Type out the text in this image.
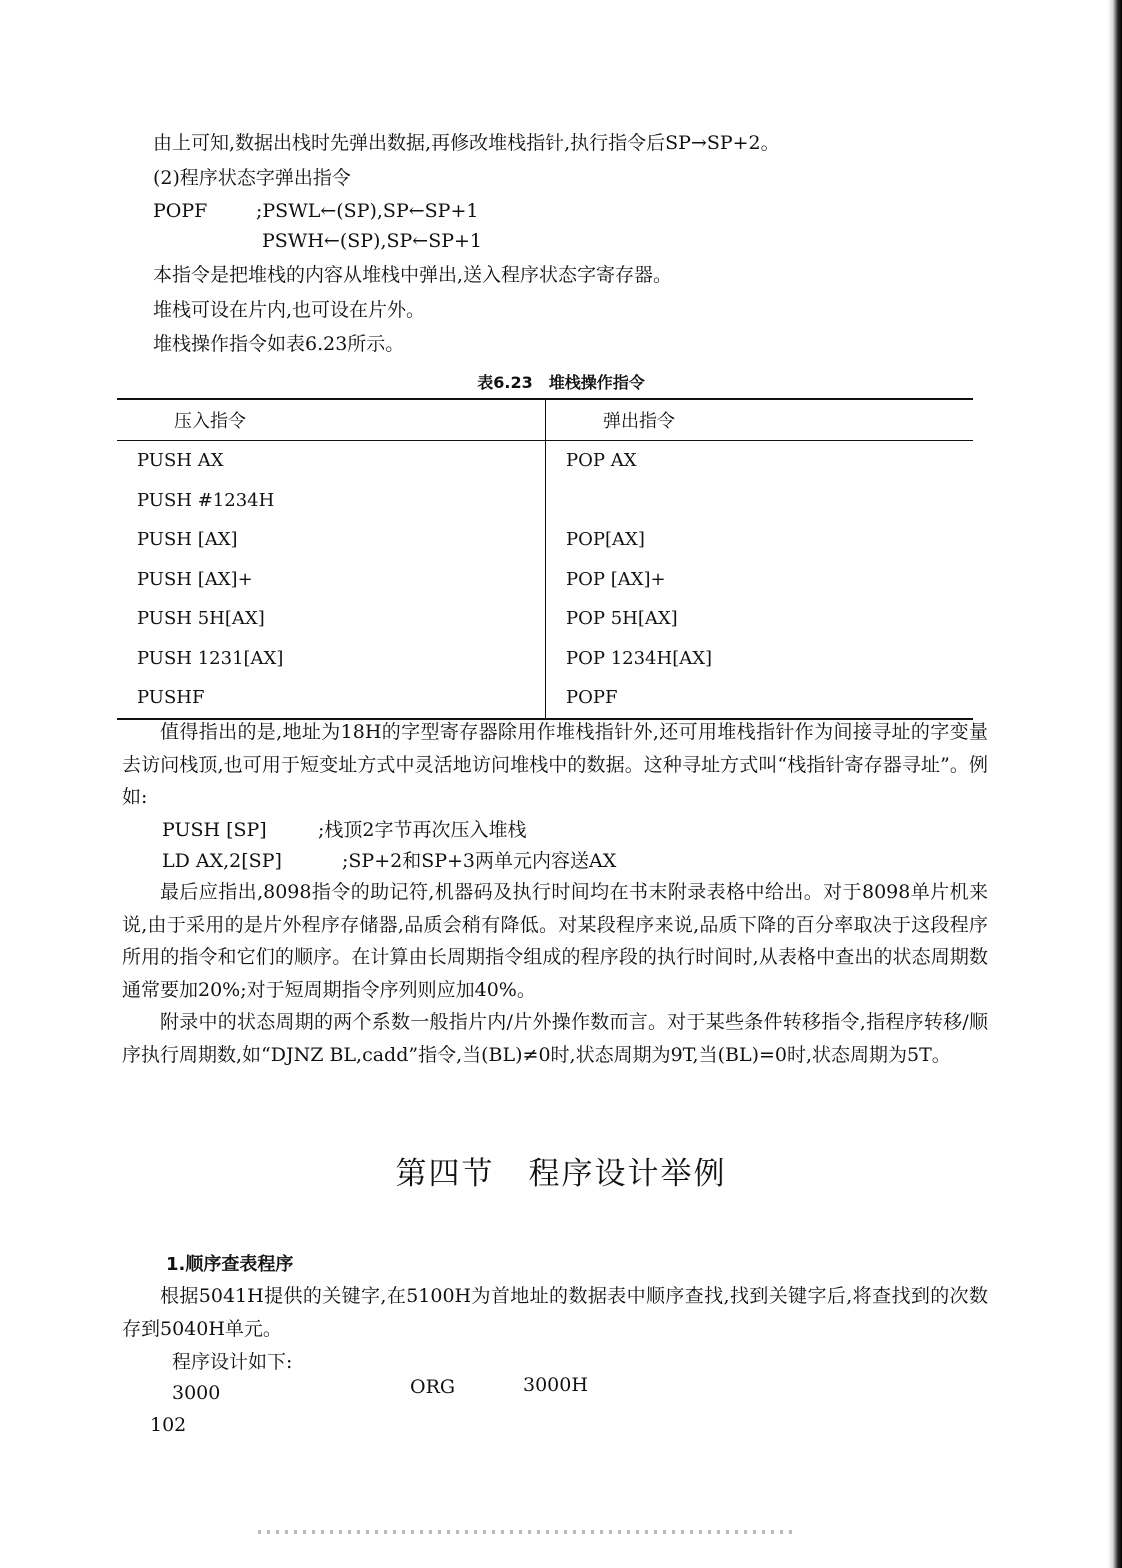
由上可知,数据出栈时先弹出数据,再修改堆栈指针,执行指令后SP→SP+2。
(2)程序状态字弹出指令
POPF	;PSWL←(SP),SP←SP+1
PSWH←(SP),SP←SP+1
本指令是把堆栈的内容从堆栈中弹出,送入程序状态字寄存器。
堆栈可设在片内,也可设在片外。
堆栈操作指令如表6.23所示。
表6.23　堆栈操作指令
压入指令	弹出指令
PUSH AX	POP AX
PUSH #1234H	
PUSH [AX]	POP[AX]
PUSH [AX]+	POP [AX]+
PUSH 5H[AX]	POP 5H[AX]
PUSH 1231[AX]	POP 1234H[AX]
PUSHF	POPF
值得指出的是,地址为18H的字型寄存器除用作堆栈指针外,还可用堆栈指针作为间接寻址的字变量去访问栈顶,也可用于短变址方式中灵活地访问堆栈中的数据。这种寻址方式叫“栈指针寄存器寻址”。例如:
PUSH [SP]	;栈顶2字节再次压入堆栈
LD AX,2[SP]	;SP+2和SP+3两单元内容送AX
最后应指出,8098指令的助记符,机器码及执行时间均在书末附录表格中给出。对于8098单片机来说,由于采用的是片外程序存储器,品质会稍有降低。对某段程序来说,品质下降的百分率取决于这段程序所用的指令和它们的顺序。在计算由长周期指令组成的程序段的执行时间时,从表格中查出的状态周期数通常要加20%;对于短周期指令序列则应加40%。
附录中的状态周期的两个系数一般指片内/片外操作数而言。对于某些条件转移指令,指程序转移/顺序执行周期数,如“DJNZ BL,cadd”指令,当(BL)≠0时,状态周期为9T,当(BL)=0时,状态周期为5T。
第四节 程序设计举例
1.顺序查表程序
根据5041H提供的关键字,在5100H为首地址的数据表中顺序查找,找到关键字后,将查找到的次数存到5040H单元。
程序设计如下:
3000	ORG	3000H
102
